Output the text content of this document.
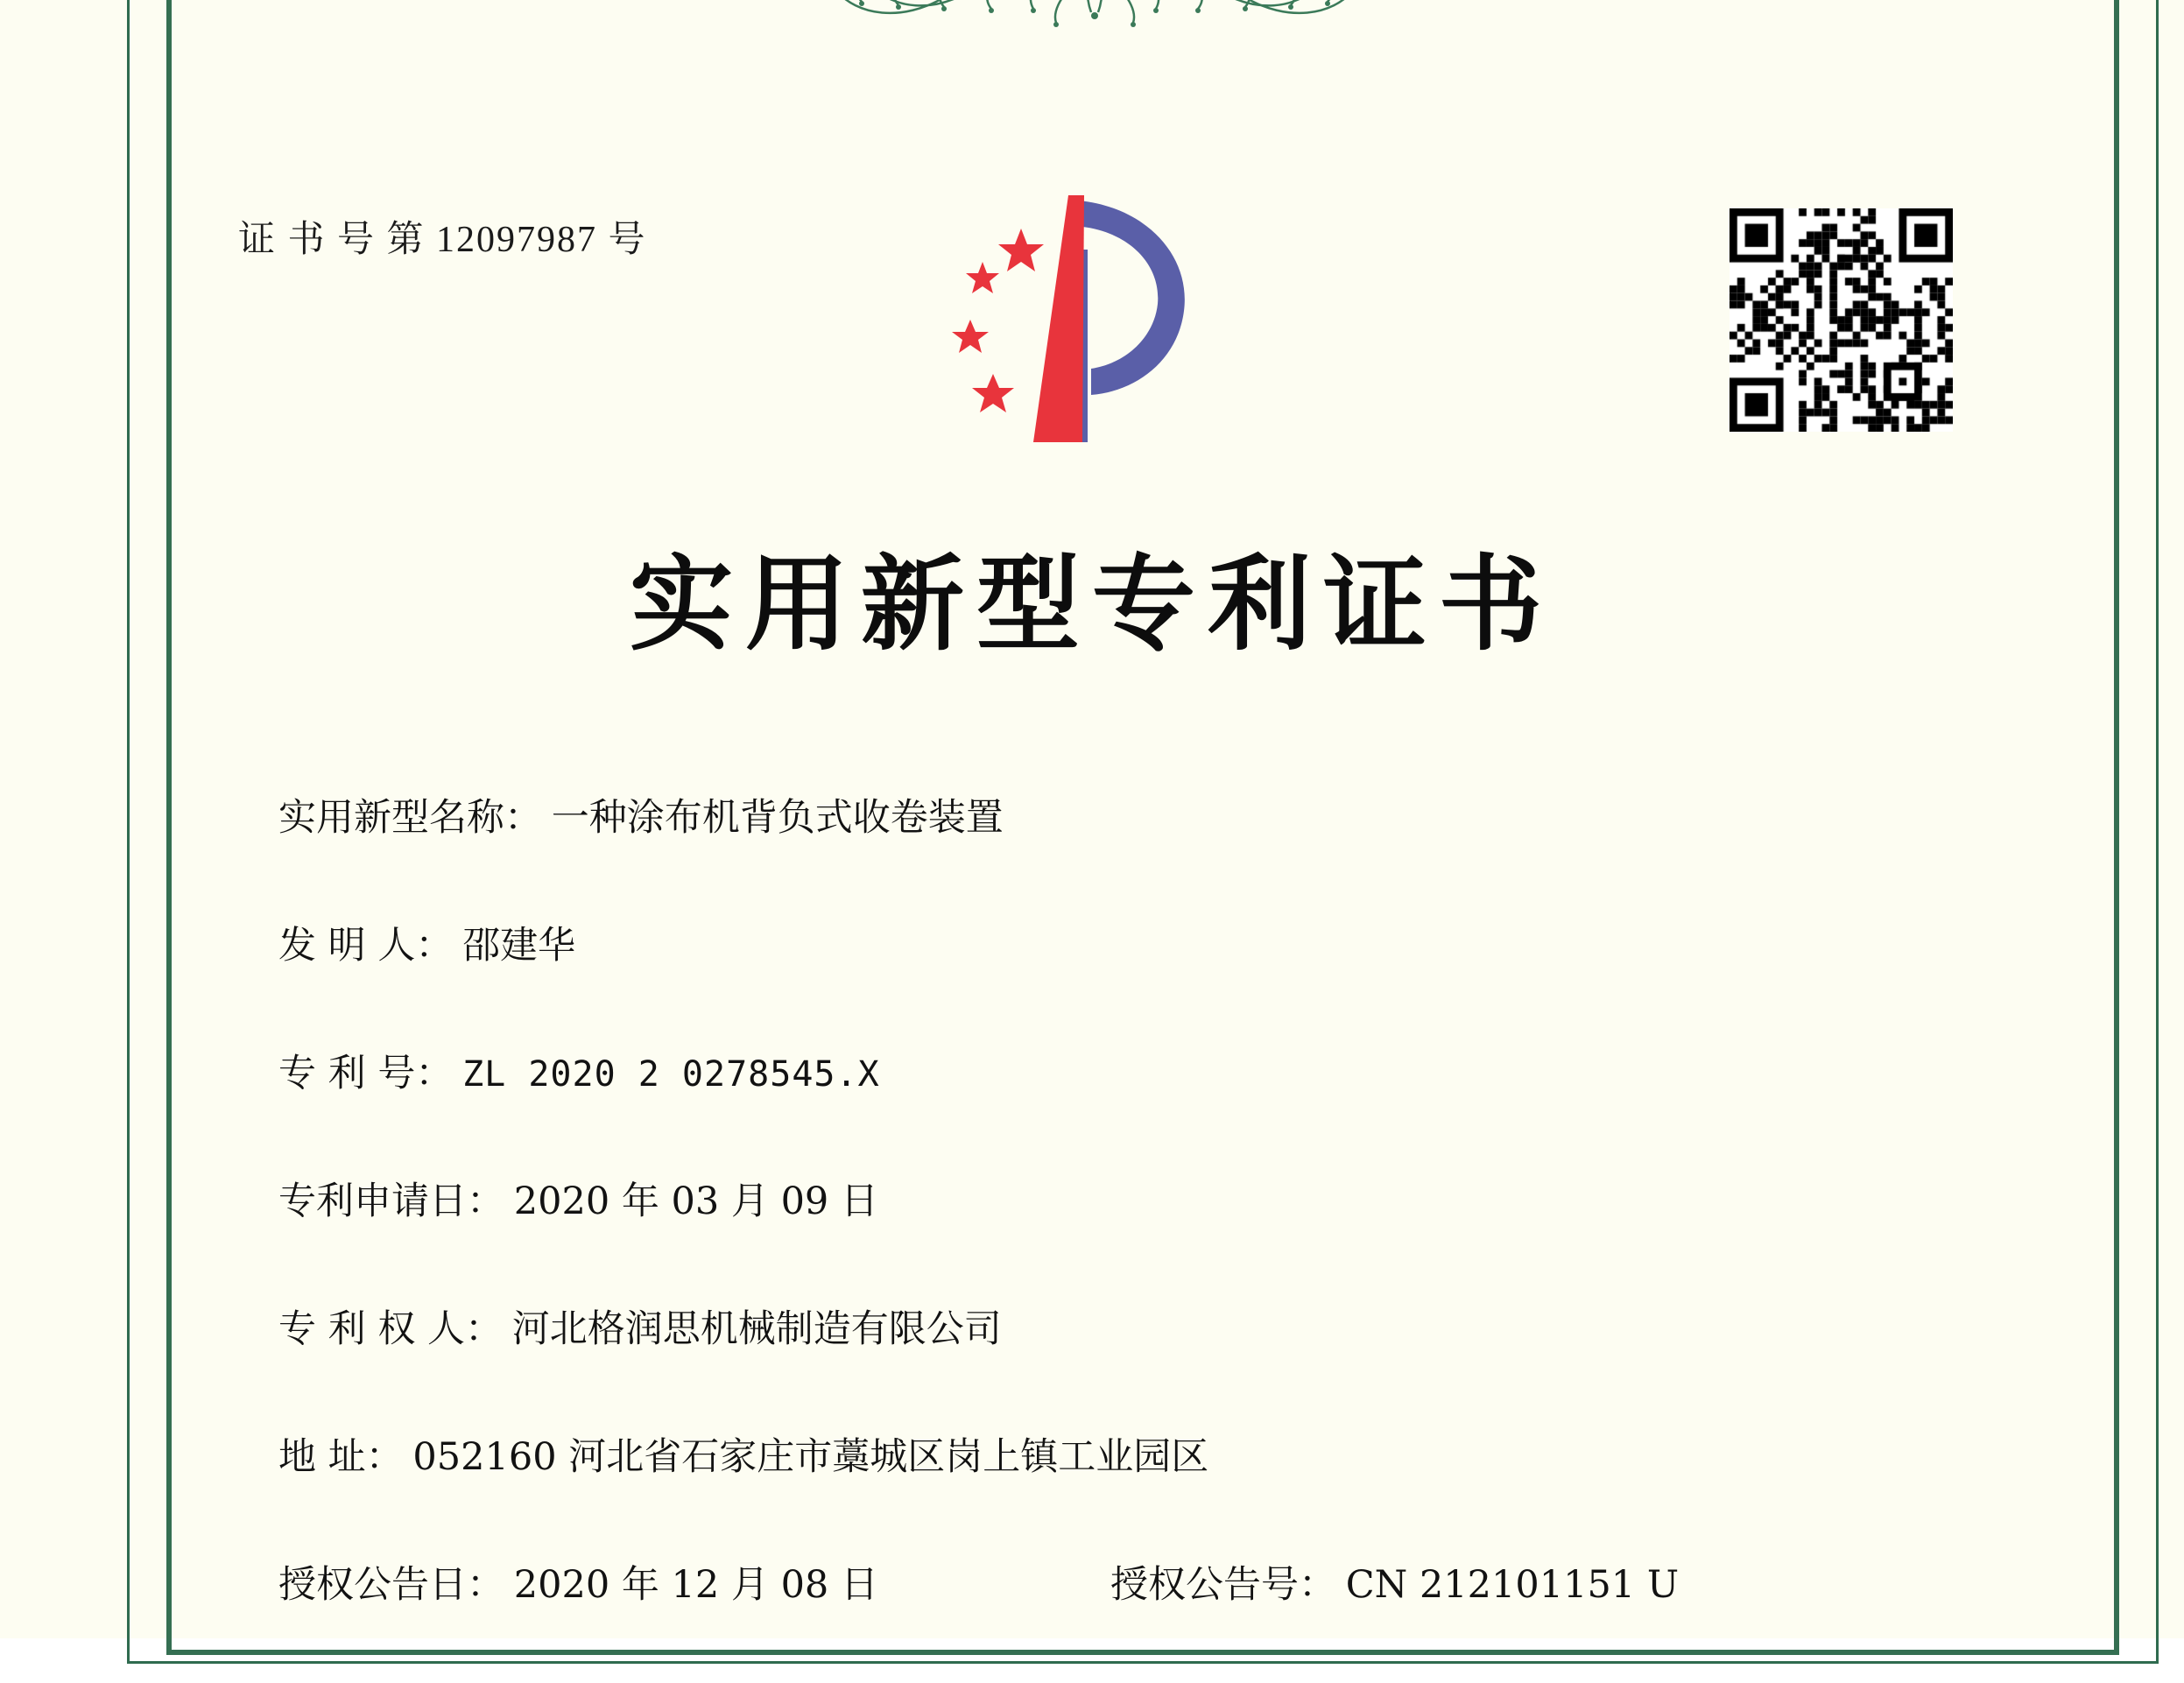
证 书 号 第 12097987 号
实用新型专利证书
实用新型名称： 一种涂布机背负式收卷装置
发 明 人： 邵建华
专 利 号： ZL 2020 2 0278545.X
专利申请日： 2020 年 03 月 09 日
专 利 权 人： 河北格润思机械制造有限公司
地 址： 052160 河北省石家庄市藁城区岗上镇工业园区
授权公告日： 2020 年 12 月 08 日	授权公告号： CN 212101151 U
